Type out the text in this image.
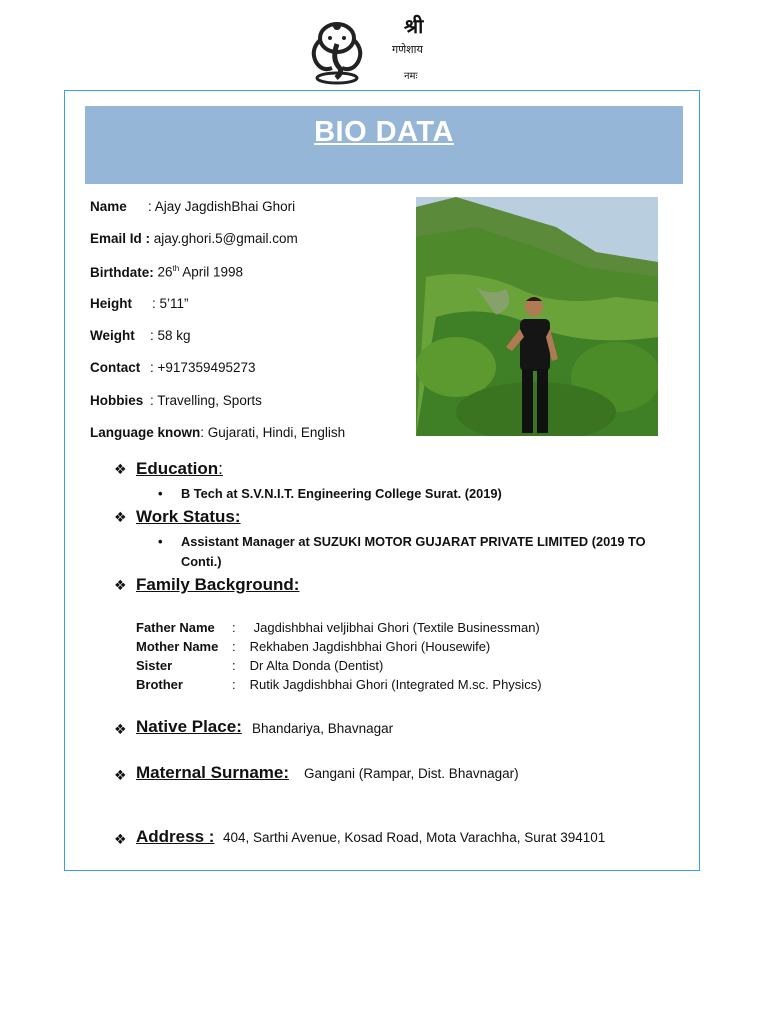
श्री
गणेशाय
नमः
BIO DATA
Name : Ajay JagdishBhai Ghori
Email Id : ajay.ghori.5@gmail.com
Birthdate: 26th April 1998
Height : 5’11”
Weight : 58 kg
Contact : +917359495273
Hobbies : Travelling, Sports
Language known: Gujarati, Hindi, English
❖ Education:
• B Tech at S.V.N.I.T. Engineering College Surat. (2019)
❖ Work Status:
• Assistant Manager at SUZUKI MOTOR GUJARAT PRIVATE LIMITED (2019 TO Conti.)
❖ Family Background:
Father Name : Jagdishbhai veljibhai Ghori (Textile Businessman)
Mother Name : Rekhaben Jagdishbhai Ghori (Housewife)
Sister	: Dr Alta Donda (Dentist)
Brother	: Rutik Jagdishbhai Ghori (Integrated M.sc. Physics)
❖ Native Place: Bhandariya, Bhavnagar
❖ Maternal Surname: Gangani (Rampar, Dist. Bhavnagar)
❖ Address : 404, Sarthi Avenue, Kosad Road, Mota Varachha, Surat 394101
